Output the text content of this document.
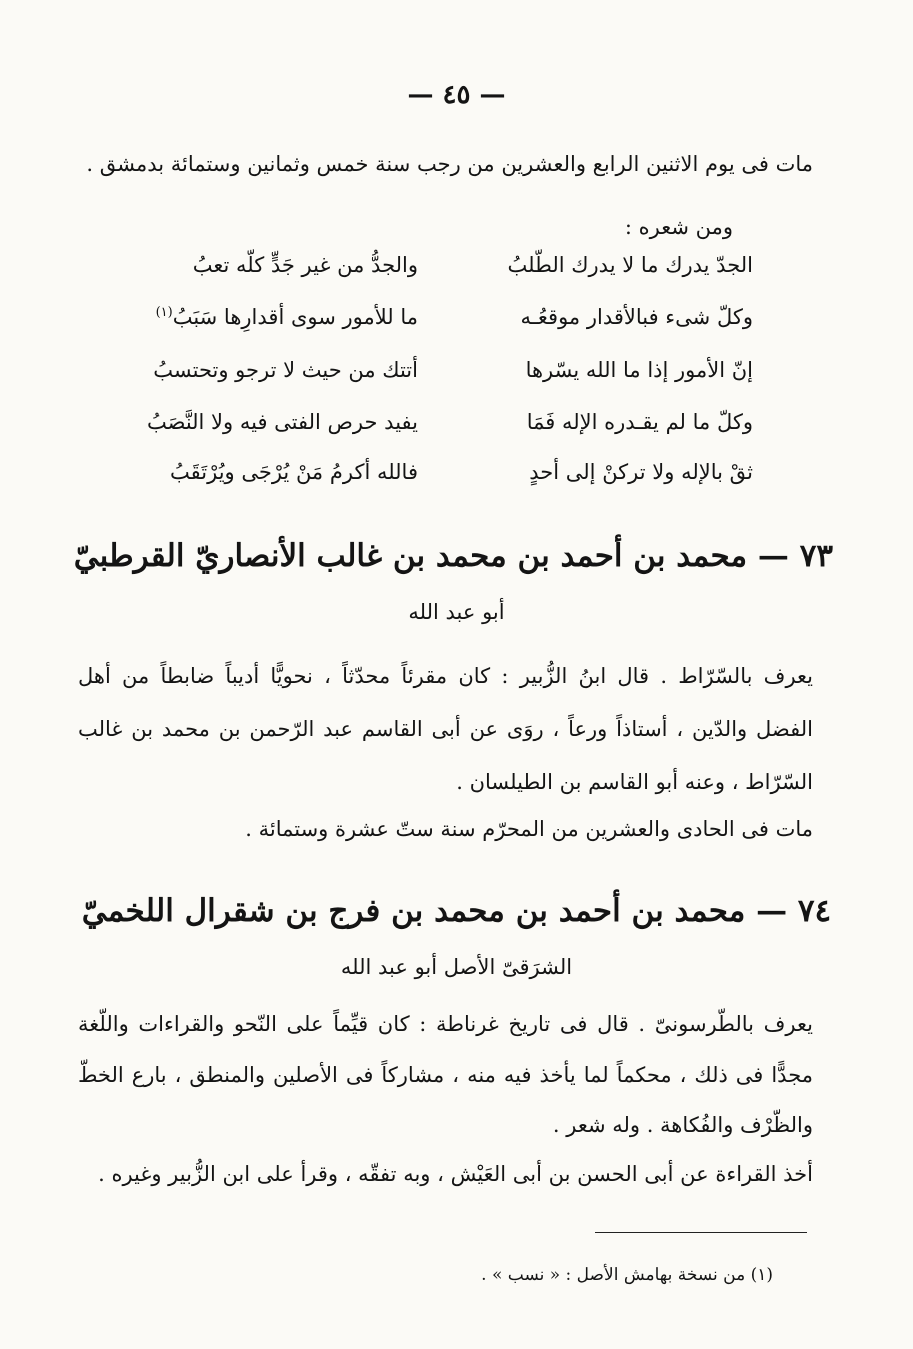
— ٤٥ —
مات فى يوم الاثنين الرابع والعشرين من رجب سنة خمس وثمانين وستمائة بدمشق .
ومن شعره :
الجدّ يدرك ما لا يدرك الطّلبُ
والجدُّ من غير جَدٍّ كلّه تعبُ
وكلّ شىء فبالأقدار موقعُـه
ما للأمور سوى أقدارِها سَبَبُ$^{(١)}$
إنّ الأمور إذا ما الله يسّرها
أتتك من حيث لا ترجو وتحتسبُ
وكلّ ما لم يقـدره الإله فَمَا
يفيد حرص الفتى فيه ولا النَّصَبُ
ثقْ بالإله ولا تركنْ إلى أحدٍ
فالله أكرمُ مَنْ يُرْجَى ويُرْتَقَبُ
٧٣ — محمد بن أحمد بن محمد بن غالب الأنصاريّ القرطبيّ
أبو عبد الله
يعرف بالسّرّاط . قال ابنُ الزُّبير : كان مقرئاً محدّثاً ، نحويًّا أديباً ضابطاً من أهل
الفضل والدّين ، أستاذاً ورعاً ، روَى عن أبى القاسم عبد الرّحمن بن محمد بن غالب
السّرّاط ، وعنه أبو القاسم بن الطيلسان .
مات فى الحادى والعشرين من المحرّم سنة ستّ عشرة وستمائة .
٧٤ — محمد بن أحمد بن محمد بن فرج بن شقرال اللخميّ
الشرَقىّ الأصل أبو عبد الله
يعرف بالطّرسونىّ . قال فى تاريخ غرناطة : كان قيِّماً على النّحو والقراءات واللّغة
مجدًّا فى ذلك ، محكماً لما يأخذ فيه منه ، مشاركاً فى الأصلين والمنطق ، بارع الخطّ
والظّرْف والفُكاهة . وله شعر .
أخذ القراءة عن أبى الحسن بن أبى العَيْش ، وبه تفقّه ، وقرأ على ابن الزُّبير وغيره .
(١) من نسخة بهامش الأصل : « نسب » .
